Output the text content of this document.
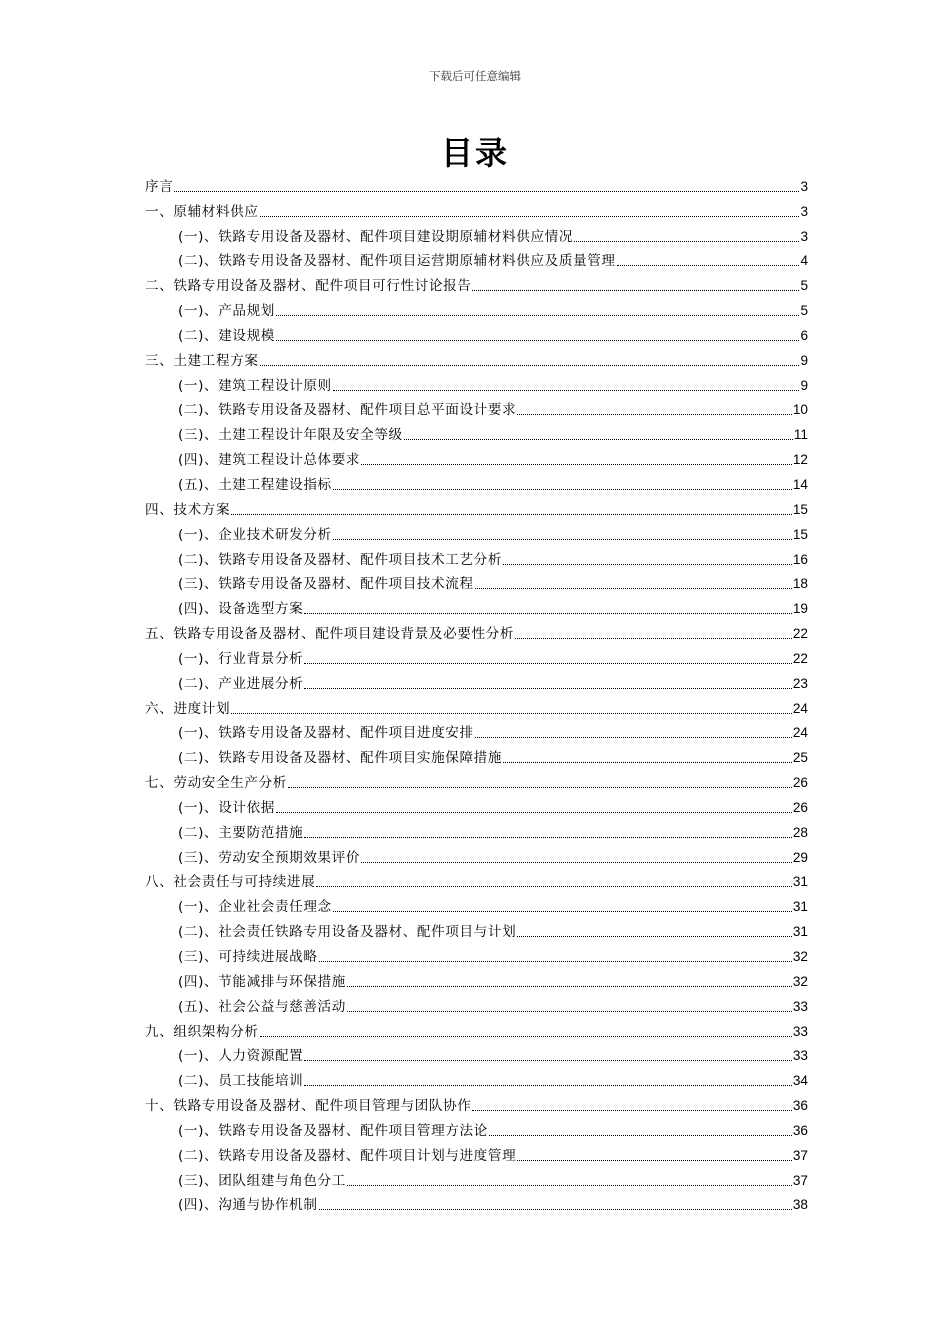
下载后可任意编辑
目录
序言	3
一、原辅材料供应	3
(一)、铁路专用设备及器材、配件项目建设期原辅材料供应情况	3
(二)、铁路专用设备及器材、配件项目运营期原辅材料供应及质量管理	4
二、铁路专用设备及器材、配件项目可行性讨论报告	5
(一)、产品规划	5
(二)、建设规模	6
三、土建工程方案	9
(一)、建筑工程设计原则	9
(二)、铁路专用设备及器材、配件项目总平面设计要求	10
(三)、土建工程设计年限及安全等级	11
(四)、建筑工程设计总体要求	12
(五)、土建工程建设指标	14
四、技术方案	15
(一)、企业技术研发分析	15
(二)、铁路专用设备及器材、配件项目技术工艺分析	16
(三)、铁路专用设备及器材、配件项目技术流程	18
(四)、设备选型方案	19
五、铁路专用设备及器材、配件项目建设背景及必要性分析	22
(一)、行业背景分析	22
(二)、产业进展分析	23
六、进度计划	24
(一)、铁路专用设备及器材、配件项目进度安排	24
(二)、铁路专用设备及器材、配件项目实施保障措施	25
七、劳动安全生产分析	26
(一)、设计依据	26
(二)、主要防范措施	28
(三)、劳动安全预期效果评价	29
八、社会责任与可持续进展	31
(一)、企业社会责任理念	31
(二)、社会责任铁路专用设备及器材、配件项目与计划	31
(三)、可持续进展战略	32
(四)、节能减排与环保措施	32
(五)、社会公益与慈善活动	33
九、组织架构分析	33
(一)、人力资源配置	33
(二)、员工技能培训	34
十、铁路专用设备及器材、配件项目管理与团队协作	36
(一)、铁路专用设备及器材、配件项目管理方法论	36
(二)、铁路专用设备及器材、配件项目计划与进度管理	37
(三)、团队组建与角色分工	37
(四)、沟通与协作机制	38
